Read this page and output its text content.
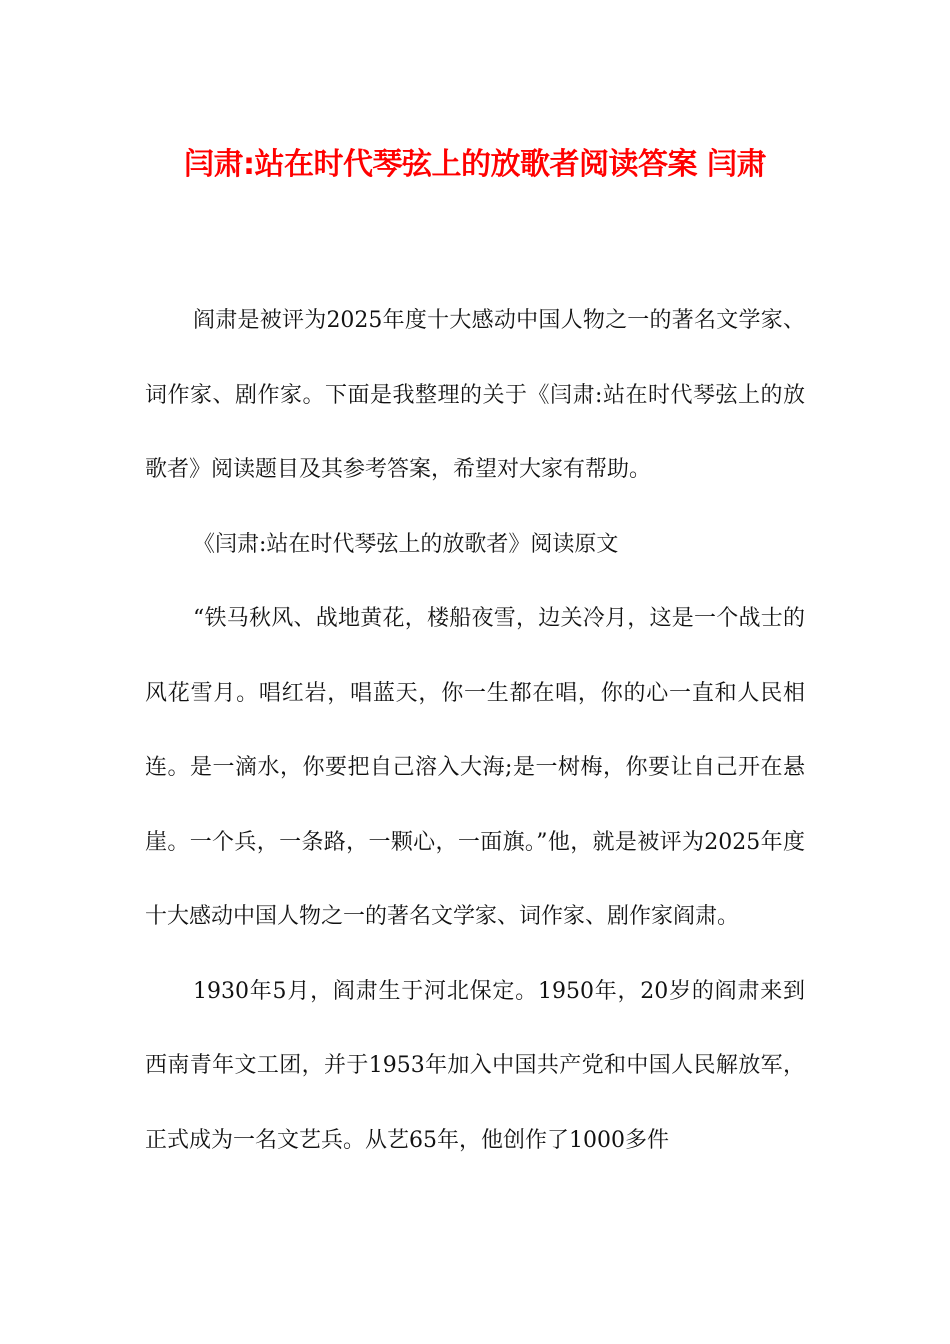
闫肃:站在时代琴弦上的放歌者阅读答案 闫肃

阎肃是被评为2025年度十大感动中国人物之一的著名文学家、词作家、剧作家。下面是我整理的关于《闫肃:站在时代琴弦上的放歌者》阅读题目及其参考答案，希望对大家有帮助。

《闫肃:站在时代琴弦上的放歌者》阅读原文

“铁马秋风、战地黄花，楼船夜雪，边关冷月，这是一个战士的风花雪月。唱红岩，唱蓝天，你一生都在唱，你的心一直和人民相连。是一滴水，你要把自己溶入大海;是一树梅，你要让自己开在悬崖。一个兵，一条路，一颗心，一面旗。”他，就是被评为2025年度十大感动中国人物之一的著名文学家、词作家、剧作家阎肃。

1930年5月，阎肃生于河北保定。1950年，20岁的阎肃来到西南青年文工团，并于1953年加入中国共产党和中国人民解放军，正式成为一名文艺兵。从艺65年，他创作了1000多件
